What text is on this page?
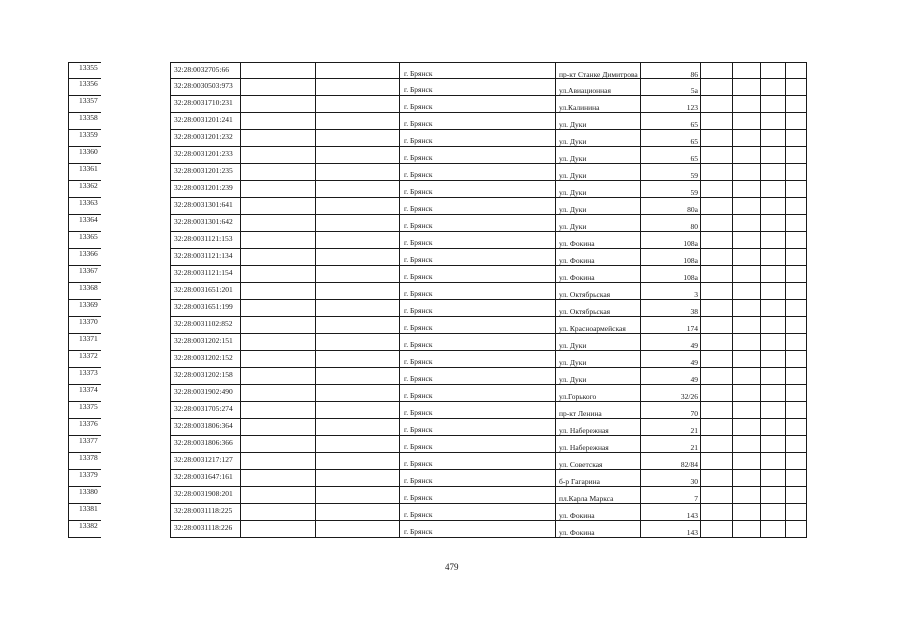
13355	32:28:0032705:66	г. Брянск	пр-кт Станке Димитрова	86
13356	32:28:0030503:973	г. Брянск	ул.Авиационная	5а
13357	32:28:0031710:231	г. Брянск	ул.Калинина	123
13358	32:28:0031201:241	г. Брянск	ул. Дуки	65
13359	32:28:0031201:232	г. Брянск	ул. Дуки	65
13360	32:28:0031201:233	г. Брянск	ул. Дуки	65
13361	32:28:0031201:235	г. Брянск	ул. Дуки	59
13362	32:28:0031201:239	г. Брянск	ул. Дуки	59
13363	32:28:0031301:641	г. Брянск	ул. Дуки	80а
13364	32:28:0031301:642	г. Брянск	ул. Дуки	80
13365	32:28:0031121:153	г. Брянск	ул. Фокина	108а
13366	32:28:0031121:134	г. Брянск	ул. Фокина	108а
13367	32:28:0031121:154	г. Брянск	ул. Фокина	108а
13368	32:28:0031651:201	г. Брянск	ул. Октябрьская	3
13369	32:28:0031651:199	г. Брянск	ул. Октябрьская	38
13370	32:28:0031102:852	г. Брянск	ул. Красноармейская	174
13371	32:28:0031202:151	г. Брянск	ул. Дуки	49
13372	32:28:0031202:152	г. Брянск	ул. Дуки	49
13373	32:28:0031202:158	г. Брянск	ул. Дуки	49
13374	32:28:0031902:490	г. Брянск	ул.Горького	32/26
13375	32:28:0031705:274	г. Брянск	пр-кт Ленина	70
13376	32:28:0031806:364	г. Брянск	ул. Набережная	21
13377	32:28:0031806:366	г. Брянск	ул. Набережная	21
13378	32:28:0031217:127	г. Брянск	ул. Советская	82/84
13379	32:28:0031647:161	г. Брянск	б-р Гагарина	30
13380	32:28:0031908:201	г. Брянск	пл.Карла Маркса	7
13381	32:28:0031118:225	г. Брянск	ул. Фокина	143
13382	32:28:0031118:226	г. Брянск	ул. Фокина	143
479
